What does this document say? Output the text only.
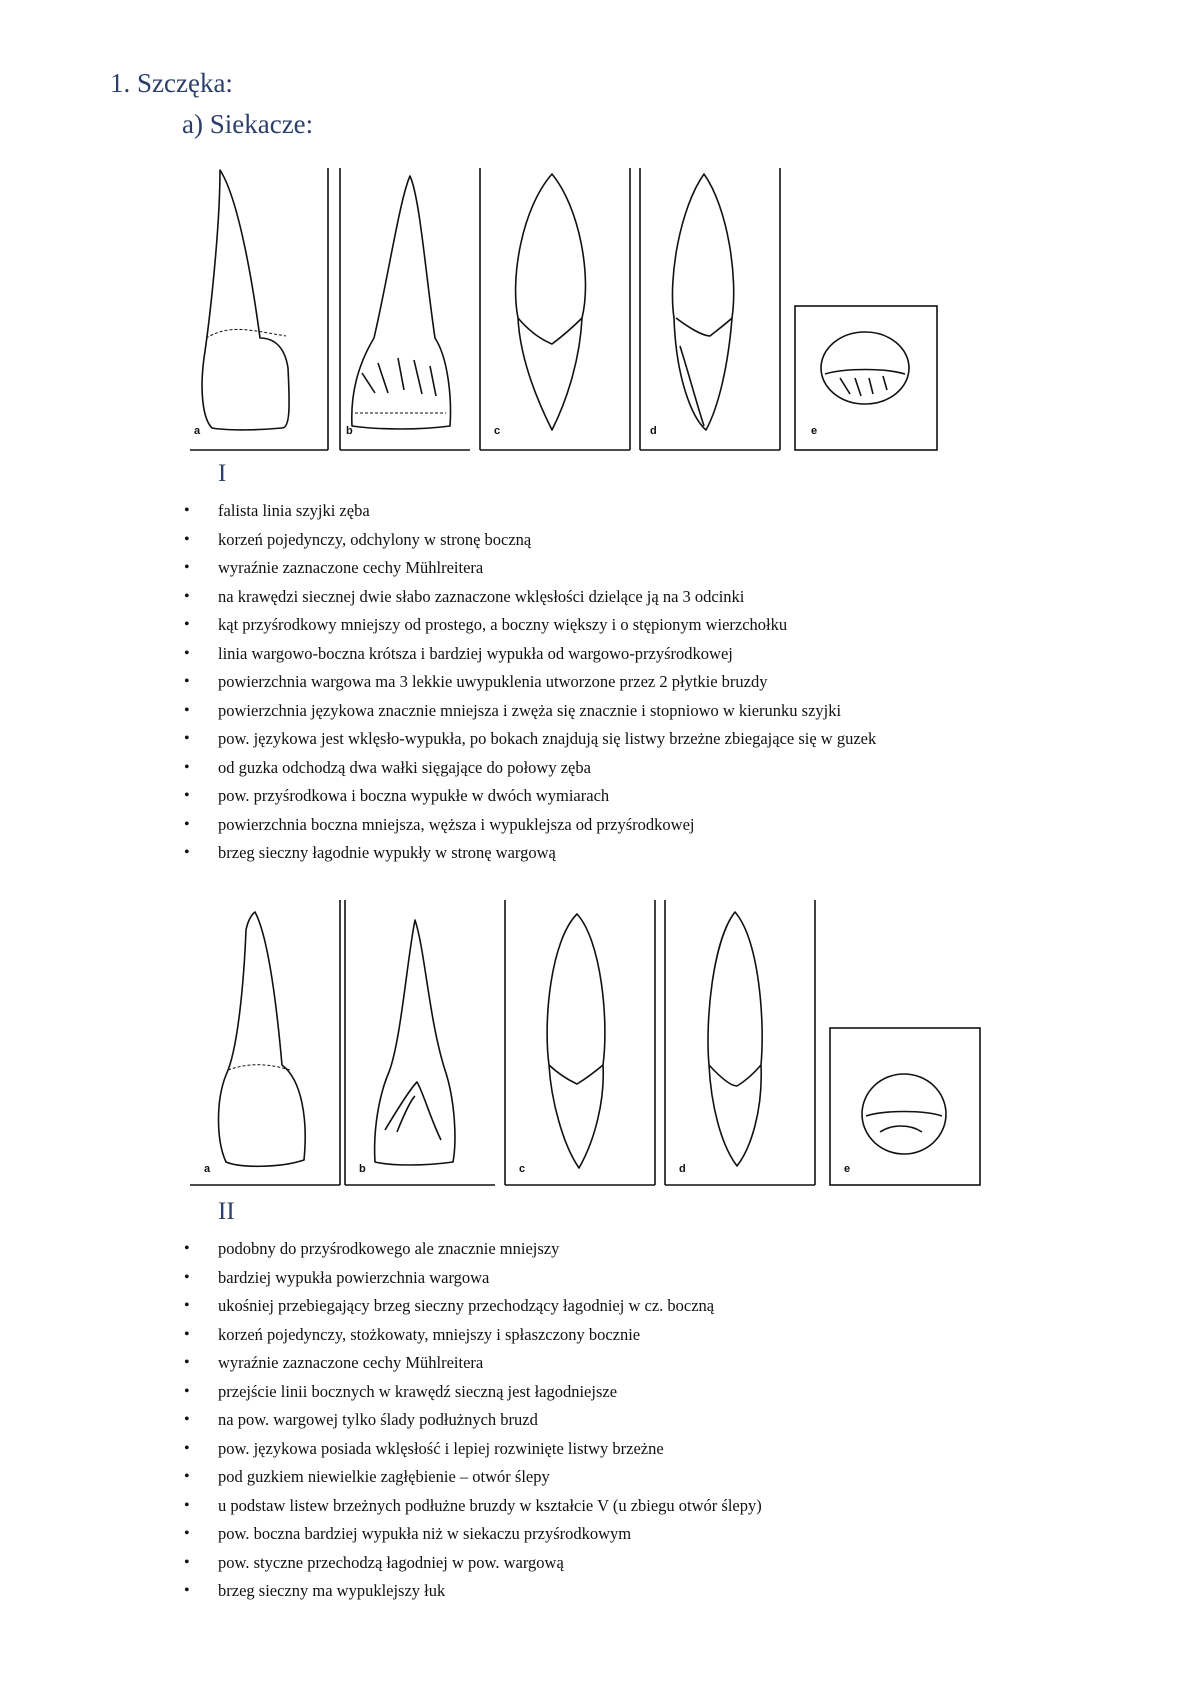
1. Szczęka:
a) Siekacze:
a	b	c	d	e
I
• falista linia szyjki zęba
• korzeń pojedynczy, odchylony w stronę boczną
• wyraźnie zaznaczone cechy Mühlreitera
• na krawędzi siecznej dwie słabo zaznaczone wklęsłości dzielące ją na 3 odcinki
• kąt przyśrodkowy mniejszy od prostego, a boczny większy i o stępionym wierzchołku
• linia wargowo-boczna krótsza i bardziej wypukła od wargowo-przyśrodkowej
• powierzchnia wargowa ma 3 lekkie uwypuklenia utworzone przez 2 płytkie bruzdy
• powierzchnia językowa znacznie mniejsza i zwęża się znacznie i stopniowo w kierunku szyjki
• pow. językowa jest wklęsło-wypukła, po bokach znajdują się listwy brzeżne zbiegające się w guzek
• od guzka odchodzą dwa wałki sięgające do połowy zęba
• pow. przyśrodkowa i boczna wypukłe w dwóch wymiarach
• powierzchnia boczna mniejsza, węższa i wypuklejsza od przyśrodkowej
• brzeg sieczny łagodnie wypukły w stronę wargową
a	b	c	d	e
II
• podobny do przyśrodkowego ale znacznie mniejszy
• bardziej wypukła powierzchnia wargowa
• ukośniej przebiegający brzeg sieczny przechodzący łagodniej w cz. boczną
• korzeń pojedynczy, stożkowaty, mniejszy i spłaszczony bocznie
• wyraźnie zaznaczone cechy Mühlreitera
• przejście linii bocznych w krawędź sieczną jest łagodniejsze
• na pow. wargowej tylko ślady podłużnych bruzd
• pow. językowa posiada wklęsłość i lepiej rozwinięte listwy brzeżne
• pod guzkiem niewielkie zagłębienie – otwór ślepy
• u podstaw listew brzeżnych podłużne bruzdy w kształcie V (u zbiegu otwór ślepy)
• pow. boczna bardziej wypukła niż w siekaczu przyśrodkowym
• pow. styczne przechodzą łagodniej w pow. wargową
• brzeg sieczny ma wypuklejszy łuk
